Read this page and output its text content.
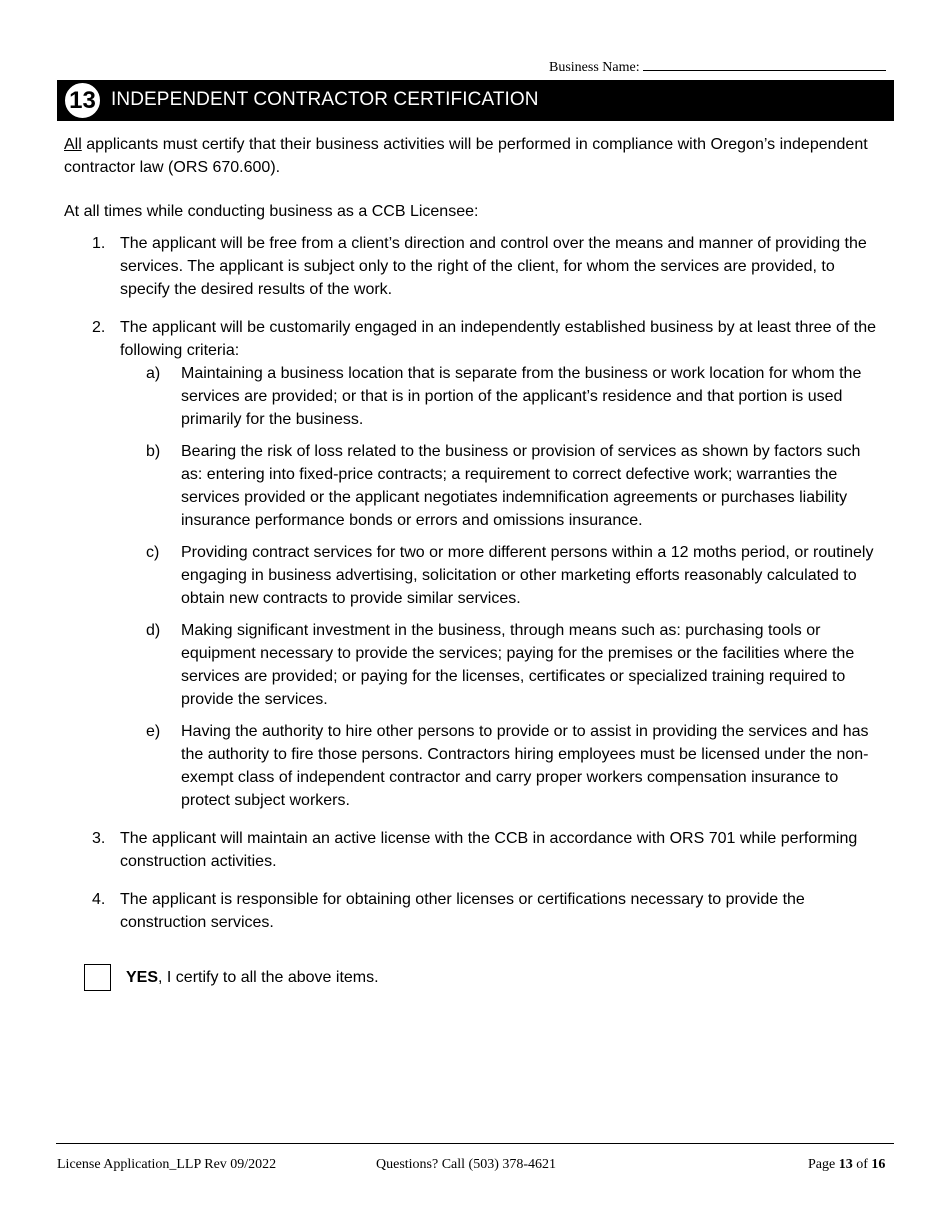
Business Name:
13 INDEPENDENT CONTRACTOR CERTIFICATION

All applicants must certify that their business activities will be performed in compliance with Oregon’s independent contractor law (ORS 670.600).

At all times while conducting business as a CCB Licensee:

1. The applicant will be free from a client’s direction and control over the means and manner of providing the services. The applicant is subject only to the right of the client, for whom the services are provided, to specify the desired results of the work.
2. The applicant will be customarily engaged in an independently established business by at least three of the following criteria:
a) Maintaining a business location that is separate from the business or work location for whom the services are provided; or that is in portion of the applicant’s residence and that portion is used primarily for the business.
b) Bearing the risk of loss related to the business or provision of services as shown by factors such as: entering into fixed-price contracts; a requirement to correct defective work; warranties the services provided or the applicant negotiates indemnification agreements or purchases liability insurance performance bonds or errors and omissions insurance.
c) Providing contract services for two or more different persons within a 12 moths period, or routinely engaging in business advertising, solicitation or other marketing efforts reasonably calculated to obtain new contracts to provide similar services.
d) Making significant investment in the business, through means such as: purchasing tools or equipment necessary to provide the services; paying for the premises or the facilities where the services are provided; or paying for the licenses, certificates or specialized training required to provide the services.
e) Having the authority to hire other persons to provide or to assist in providing the services and has the authority to fire those persons. Contractors hiring employees must be licensed under the non-exempt class of independent contractor and carry proper workers compensation insurance to protect subject workers.
3. The applicant will maintain an active license with the CCB in accordance with ORS 701 while performing construction activities.
4. The applicant is responsible for obtaining other licenses or certifications necessary to provide the construction services.
YES, I certify to all the above items.
License Application_LLP Rev 09/2022	Questions? Call (503) 378-4621	Page 13 of 16
